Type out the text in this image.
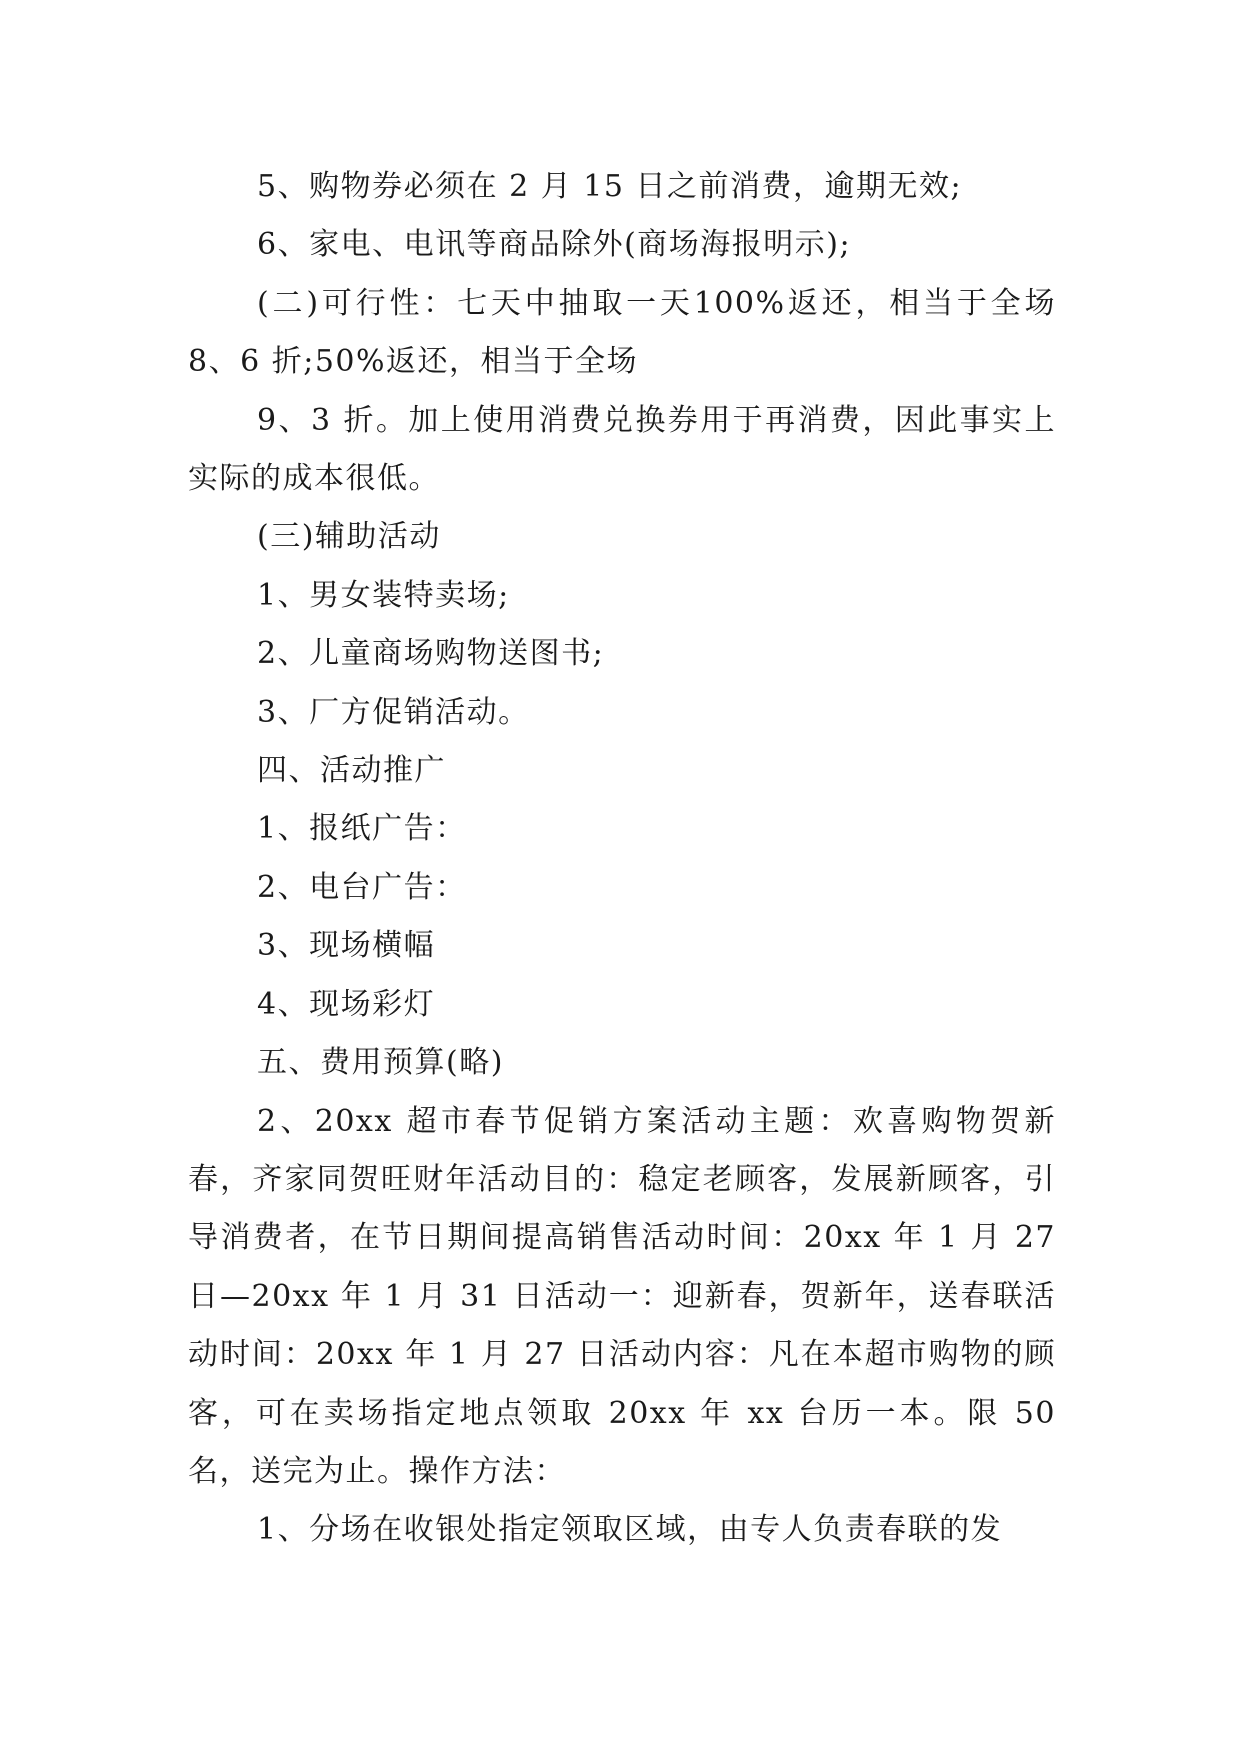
5、购物券必须在 2 月 15 日之前消费，逾期无效;

6、家电、电讯等商品除外(商场海报明示);

(二)可行性：七天中抽取一天100%返还，相当于全场8、6 折;50%返还，相当于全场

9、3 折。加上使用消费兑换券用于再消费，因此事实上实际的成本很低。

(三)辅助活动

1、男女装特卖场;

2、儿童商场购物送图书;

3、厂方促销活动。

四、活动推广

1、报纸广告：

2、电台广告：

3、现场横幅

4、现场彩灯

五、费用预算(略)

2、20xx 超市春节促销方案活动主题：欢喜购物贺新春，齐家同贺旺财年活动目的：稳定老顾客，发展新顾客，引导消费者，在节日期间提高销售活动时间：20xx 年 1 月 27 日—20xx 年 1 月 31 日活动一：迎新春，贺新年，送春联活动时间：20xx 年 1 月 27 日活动内容：凡在本超市购物的顾客，可在卖场指定地点领取 20xx 年 xx 台历一本。限 50 名，送完为止。操作方法：

1、分场在收银处指定领取区域，由专人负责春联的发
